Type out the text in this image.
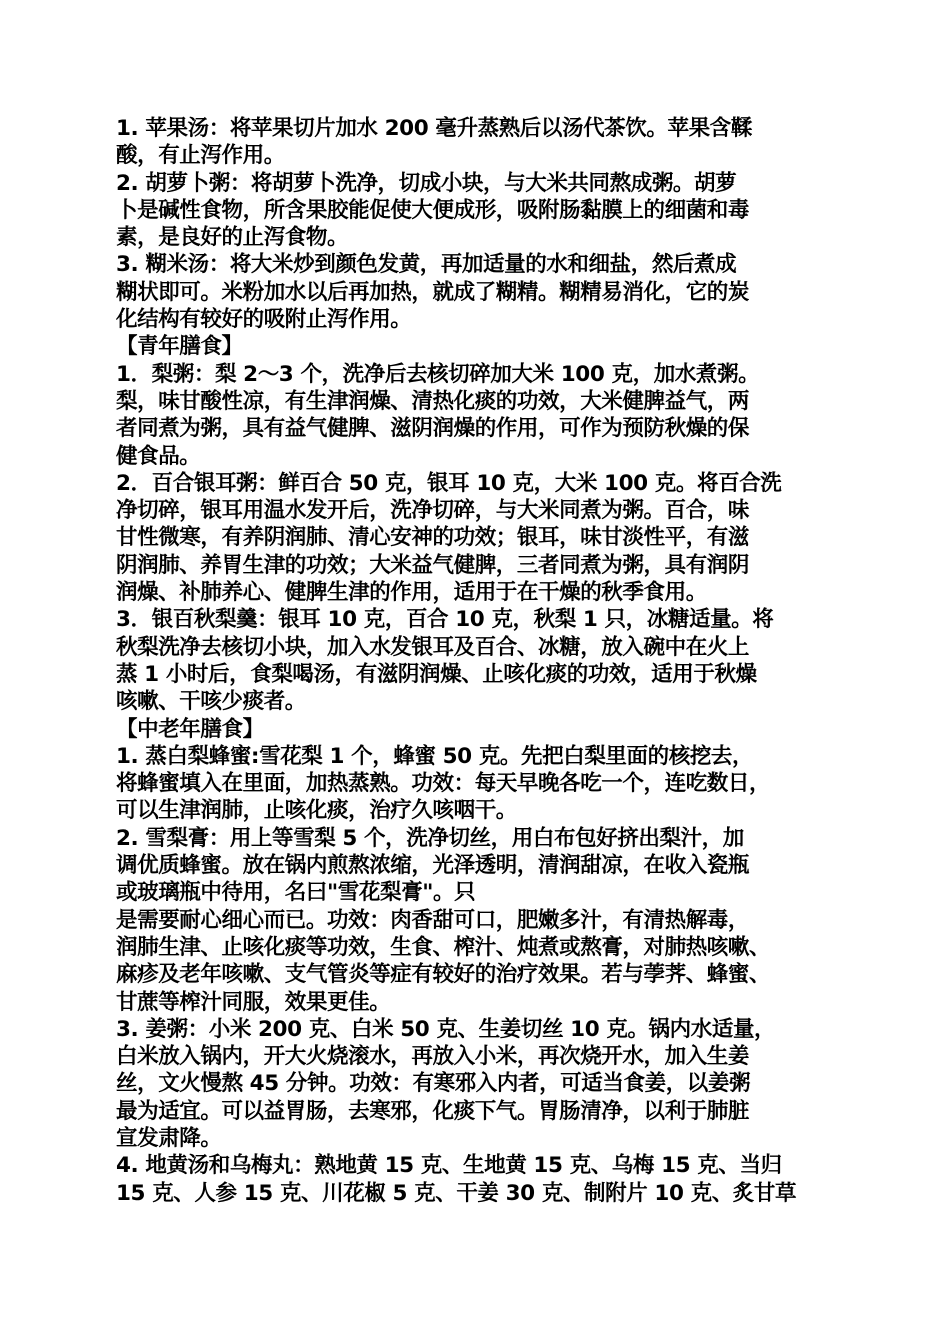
1. 苹果汤：将苹果切片加水 200 毫升蒸熟后以汤代茶饮。苹果含鞣
酸，有止泻作用。
2. 胡萝卜粥：将胡萝卜洗净，切成小块，与大米共同熬成粥。胡萝
卜是碱性食物，所含果胶能促使大便成形，吸附肠黏膜上的细菌和毒
素，是良好的止泻食物。
3. 糊米汤：将大米炒到颜色发黄，再加适量的水和细盐，然后煮成
糊状即可。米粉加水以后再加热，就成了糊精。糊精易消化，它的炭
化结构有较好的吸附止泻作用。
【青年膳食】
1．梨粥：梨 2～3 个，洗净后去核切碎加大米 100 克，加水煮粥。
梨，味甘酸性凉，有生津润燥、清热化痰的功效，大米健脾益气，两
者同煮为粥，具有益气健脾、滋阴润燥的作用，可作为预防秋燥的保
健食品。
2．百合银耳粥：鲜百合 50 克，银耳 10 克，大米 100 克。将百合洗
净切碎，银耳用温水发开后，洗净切碎，与大米同煮为粥。百合，味
甘性微寒，有养阴润肺、清心安神的功效；银耳，味甘淡性平，有滋
阴润肺、养胃生津的功效；大米益气健脾，三者同煮为粥，具有润阴
润燥、补肺养心、健脾生津的作用，适用于在干燥的秋季食用。
3．银百秋梨羹：银耳 10 克，百合 10 克，秋梨 1 只，冰糖适量。将
秋梨洗净去核切小块，加入水发银耳及百合、冰糖，放入碗中在火上
蒸 1 小时后，食梨喝汤，有滋阴润燥、止咳化痰的功效，适用于秋燥
咳嗽、干咳少痰者。
【中老年膳食】
1. 蒸白梨蜂蜜:雪花梨 1 个，蜂蜜 50 克。先把白梨里面的核挖去，
将蜂蜜填入在里面，加热蒸熟。功效：每天早晚各吃一个，连吃数日，
可以生津润肺，止咳化痰，治疗久咳咽干。
2. 雪梨膏：用上等雪梨 5 个，洗净切丝，用白布包好挤出梨汁，加
调优质蜂蜜。放在锅内煎熬浓缩，光泽透明，清润甜凉，在收入瓷瓶
或玻璃瓶中待用，名曰"雪花梨膏"。只
是需要耐心细心而已。功效：肉香甜可口，肥嫩多汁，有清热解毒，
润肺生津、止咳化痰等功效，生食、榨汁、炖煮或熬膏，对肺热咳嗽、
麻疹及老年咳嗽、支气管炎等症有较好的治疗效果。若与荸荠、蜂蜜、
甘蔗等榨汁同服，效果更佳。
3. 姜粥：小米 200 克、白米 50 克、生姜切丝 10 克。锅内水适量，
白米放入锅内，开大火烧滚水，再放入小米，再次烧开水，加入生姜
丝，文火慢熬 45 分钟。功效：有寒邪入内者，可适当食姜，以姜粥
最为适宜。可以益胃肠，去寒邪，化痰下气。胃肠清净，以利于肺脏
宣发肃降。
4. 地黄汤和乌梅丸：熟地黄 15 克、生地黄 15 克、乌梅 15 克、当归
15 克、人参 15 克、川花椒 5 克、干姜 30 克、制附片 10 克、炙甘草
